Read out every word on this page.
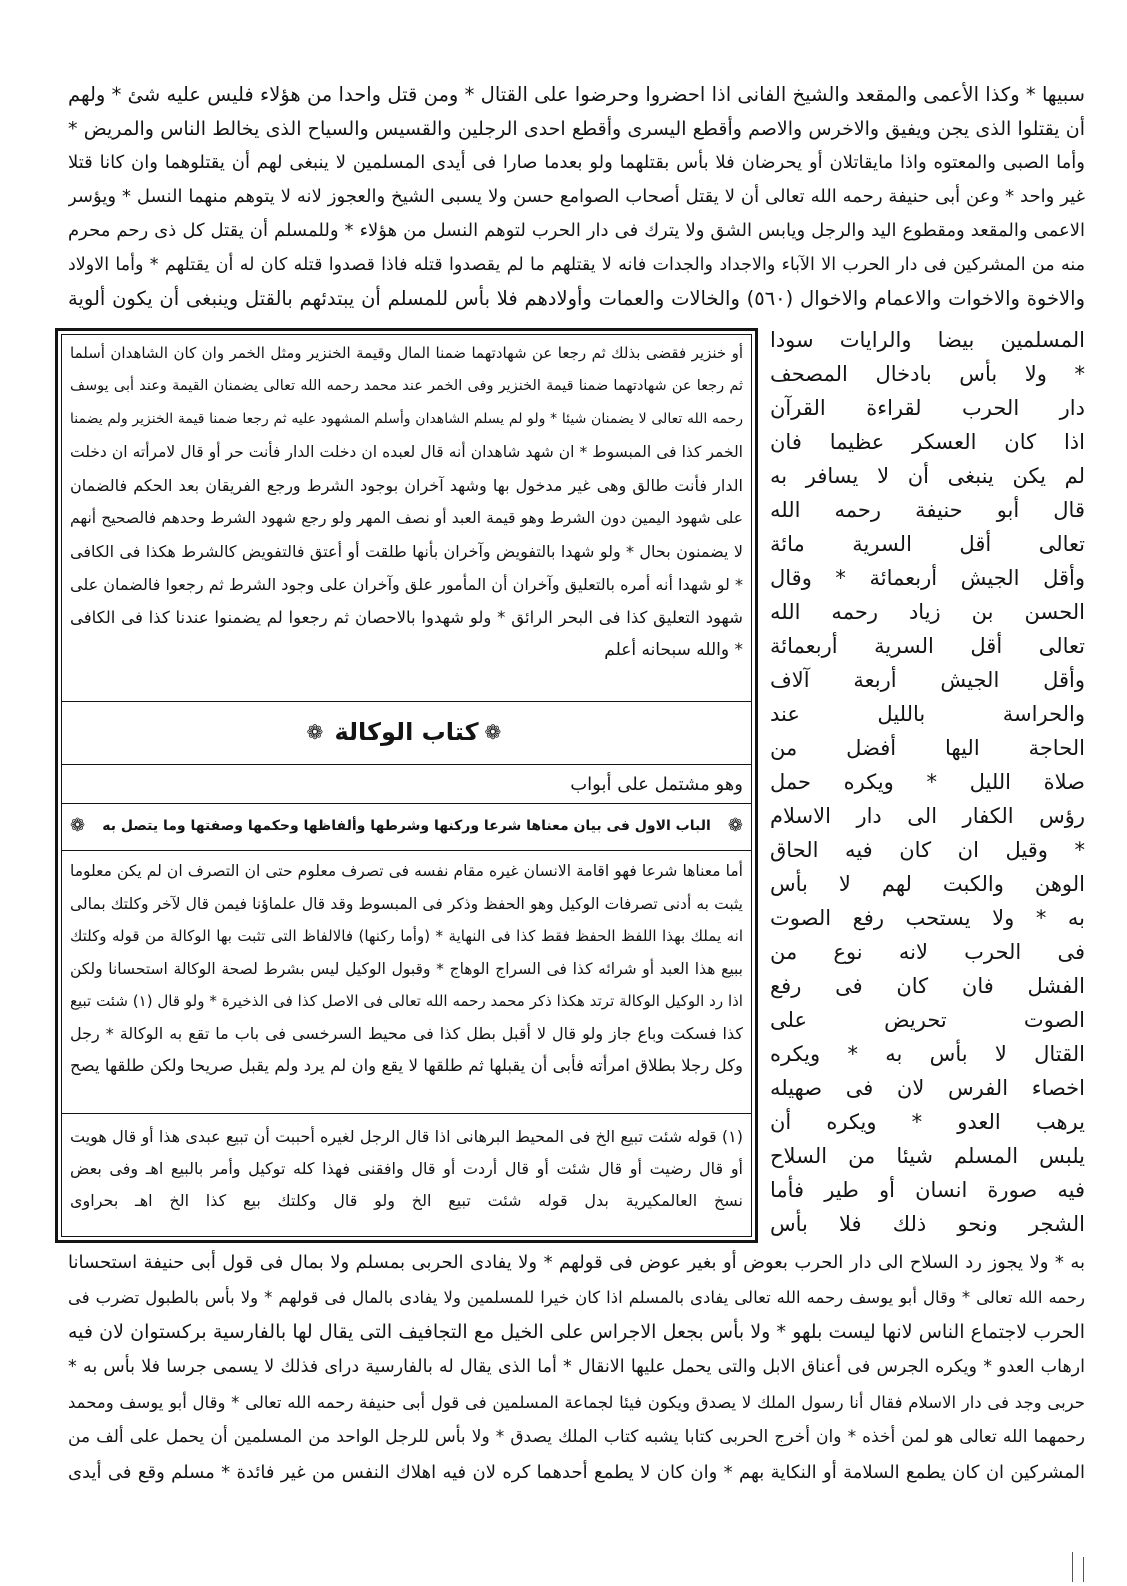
سبيها * وكذا الأعمى والمقعد والشيخ الفانى اذا احضروا وحرضوا على القتال * ومن قتل واحدا من هؤلاء فليس عليه شئ * ولهم
أن يقتلوا الذى يجن ويفيق والاخرس والاصم وأقطع اليسرى وأقطع احدى الرجلين والقسيس والسياح الذى يخالط الناس والمريض *
وأما الصبى والمعتوه واذا مايقاتلان أو يحرضان فلا بأس بقتلهما ولو بعدما صارا فى أيدى المسلمين لا ينبغى لهم أن يقتلوهما وان كانا قتلا
غير واحد * وعن أبى حنيفة رحمه الله تعالى أن لا يقتل أصحاب الصوامع حسن ولا يسبى الشيخ والعجوز لانه لا يتوهم منهما النسل * ويؤسر
الاعمى والمقعد ومقطوع اليد والرجل ويابس الشق ولا يترك فى دار الحرب لتوهم النسل من هؤلاء * وللمسلم أن يقتل كل ذى رحم محرم
منه من المشركين فى دار الحرب الا الآباء والاجداد والجدات فانه لا يقتلهم ما لم يقصدوا قتله فاذا قصدوا قتله كان له أن يقتلهم * وأما الاولاد
والاخوة والاخوات والاعمام والاخوال (٥٦٠) والخالات والعمات وأولادهم فلا بأس للمسلم أن يبتدئهم بالقتل وينبغى أن يكون ألوية
المسلمين بيضا والرايات سودا
* ولا بأس بادخال المصحف
دار الحرب لقراءة القرآن
اذا كان العسكر عظيما فان
لم يكن ينبغى أن لا يسافر به
قال أبو حنيفة رحمه الله
تعالى أقل السرية مائة
وأقل الجيش أربعمائة * وقال
الحسن بن زياد رحمه الله
تعالى أقل السرية أربعمائة
وأقل الجيش أربعة آلاف
والحراسة بالليل عند
الحاجة اليها أفضل من
صلاة الليل * ويكره حمل
رؤس الكفار الى دار الاسلام
* وقيل ان كان فيه الحاق
الوهن والكبت لهم لا بأس
به * ولا يستحب رفع الصوت
فى الحرب لانه نوع من
الفشل فان كان فى رفع
الصوت تحريض على
القتال لا بأس به * ويكره
اخصاء الفرس لان فى صهيله
يرهب العدو * ويكره أن
يلبس المسلم شيئا من السلاح
فيه صورة انسان أو طير فأما
الشجر ونحو ذلك فلا بأس
أو خنزير فقضى بذلك ثم رجعا عن شهادتهما ضمنا المال وقيمة الخنزير ومثل الخمر وان كان الشاهدان أسلما
ثم رجعا عن شهادتهما ضمنا قيمة الخنزير وفى الخمر عند محمد رحمه الله تعالى يضمنان القيمة وعند أبى يوسف
رحمه الله تعالى لا يضمنان شيئا * ولو لم يسلم الشاهدان وأسلم المشهود عليه ثم رجعا ضمنا قيمة الخنزير ولم يضمنا
الخمر كذا فى المبسوط * ان شهد شاهدان أنه قال لعبده ان دخلت الدار فأنت حر أو قال لامرأته ان دخلت
الدار فأنت طالق وهى غير مدخول بها وشهد آخران بوجود الشرط ورجع الفريقان بعد الحكم فالضمان
على شهود اليمين دون الشرط وهو قيمة العبد أو نصف المهر ولو رجع شهود الشرط وحدهم فالصحيح أنهم
لا يضمنون بحال * ولو شهدا بالتفويض وآخران بأنها طلقت أو أعتق فالتفويض كالشرط هكذا فى الكافى
* لو شهدا أنه أمره بالتعليق وآخران أن المأمور علق وآخران على وجود الشرط ثم رجعوا فالضمان على
شهود التعليق كذا فى البحر الرائق * ولو شهدوا بالاحصان ثم رجعوا لم يضمنوا عندنا كذا فى الكافى
* والله سبحانه أعلم
❁
كتاب الوكالة
❁
وهو مشتمل على أبواب
❁
الباب الاول فى بيان معناها شرعا وركنها وشرطها وألفاظها وحكمها وصفتها وما يتصل به
❁
أما معناها شرعا فهو اقامة الانسان غيره مقام نفسه فى تصرف معلوم حتى ان التصرف ان لم يكن معلوما
يثبت به أدنى تصرفات الوكيل وهو الحفظ وذكر فى المبسوط وقد قال علماؤنا فيمن قال لآخر وكلتك بمالى
انه يملك بهذا اللفظ الحفظ فقط كذا فى النهاية * (وأما ركنها) فالالفاظ التى تثبت بها الوكالة من قوله وكلتك
ببيع هذا العبد أو شرائه كذا فى السراج الوهاج * وقبول الوكيل ليس بشرط لصحة الوكالة استحسانا ولكن
اذا رد الوكيل الوكالة ترتد هكذا ذكر محمد رحمه الله تعالى فى الاصل كذا فى الذخيرة * ولو قال (١) شئت تبيع
كذا فسكت وباع جاز ولو قال لا أقبل بطل كذا فى محيط السرخسى فى باب ما تقع به الوكالة * رجل
وكل رجلا بطلاق امرأته فأبى أن يقبلها ثم طلقها لا يقع وان لم يرد ولم يقبل صريحا ولكن طلقها يصح
(١) قوله شئت تبيع الخ فى المحيط البرهانى اذا قال الرجل لغيره أحببت أن تبيع عبدى هذا أو قال هويت
أو قال رضيت أو قال شئت أو قال أردت أو قال وافقنى فهذا كله توكيل وأمر بالبيع اهـ وفى بعض
نسخ العالمكيرية بدل قوله شئت تبيع الخ ولو قال وكلتك بيع كذا الخ اهـ بحراوى
به * ولا يجوز رد السلاح الى دار الحرب بعوض أو بغير عوض فى قولهم * ولا يفادى الحربى بمسلم ولا بمال فى قول أبى حنيفة استحسانا
رحمه الله تعالى * وقال أبو يوسف رحمه الله تعالى يفادى بالمسلم اذا كان خيرا للمسلمين ولا يفادى بالمال فى قولهم * ولا بأس بالطبول تضرب فى
الحرب لاجتماع الناس لانها ليست بلهو * ولا بأس بجعل الاجراس على الخيل مع التجافيف التى يقال لها بالفارسية بركستوان لان فيه
ارهاب العدو * ويكره الجرس فى أعناق الابل والتى يحمل عليها الانقال * أما الذى يقال له بالفارسية دراى فذلك لا يسمى جرسا فلا بأس به *
حربى وجد فى دار الاسلام فقال أنا رسول الملك لا يصدق ويكون فيئا لجماعة المسلمين فى قول أبى حنيفة رحمه الله تعالى * وقال أبو يوسف ومحمد
رحمهما الله تعالى هو لمن أخذه * وان أخرج الحربى كتابا يشبه كتاب الملك يصدق * ولا بأس للرجل الواحد من المسلمين أن يحمل على ألف من
المشركين ان كان يطمع السلامة أو النكاية بهم * وان كان لا يطمع أحدهما كره لان فيه اهلاك النفس من غير فائدة * مسلم وقع فى أيدى
